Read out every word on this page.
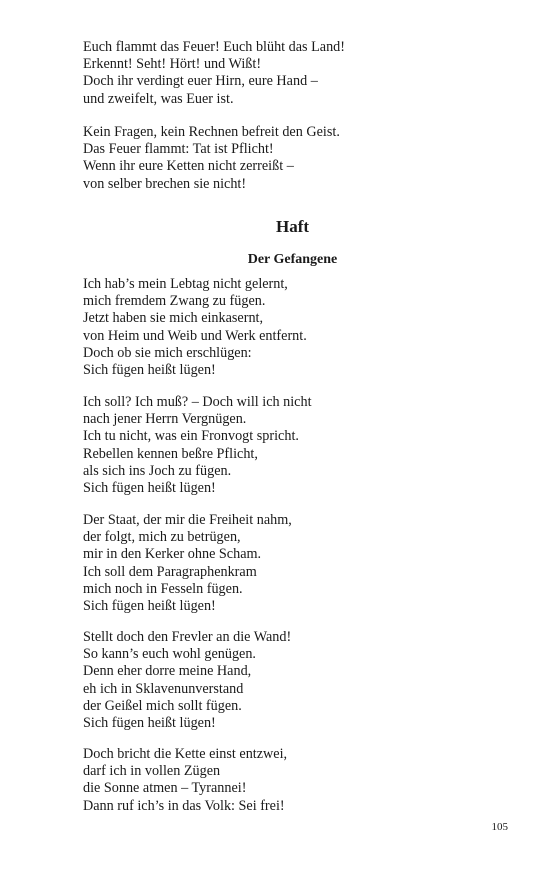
Euch flammt das Feuer! Euch blüht das Land!
Erkennt! Seht! Hört! und Wißt!
Doch ihr verdingt euer Hirn, eure Hand –
und zweifelt, was Euer ist.
Kein Fragen, kein Rechnen befreit den Geist.
Das Feuer flammt: Tat ist Pflicht!
Wenn ihr eure Ketten nicht zerreißt –
von selber brechen sie nicht!
Haft
Der Gefangene
Ich hab’s mein Lebtag nicht gelernt,
mich fremdem Zwang zu fügen.
Jetzt haben sie mich einkasernt,
von Heim und Weib und Werk entfernt.
Doch ob sie mich erschlügen:
Sich fügen heißt lügen!
Ich soll? Ich muß? – Doch will ich nicht
nach jener Herrn Vergnügen.
Ich tu nicht, was ein Fronvogt spricht.
Rebellen kennen beßre Pflicht,
als sich ins Joch zu fügen.
Sich fügen heißt lügen!
Der Staat, der mir die Freiheit nahm,
der folgt, mich zu betrügen,
mir in den Kerker ohne Scham.
Ich soll dem Paragraphenkram
mich noch in Fesseln fügen.
Sich fügen heißt lügen!
Stellt doch den Frevler an die Wand!
So kann’s euch wohl genügen.
Denn eher dorre meine Hand,
eh ich in Sklavenunverstand
der Geißel mich sollt fügen.
Sich fügen heißt lügen!
Doch bricht die Kette einst entzwei,
darf ich in vollen Zügen
die Sonne atmen – Tyrannei!
Dann ruf ich’s in das Volk: Sei frei!
105
